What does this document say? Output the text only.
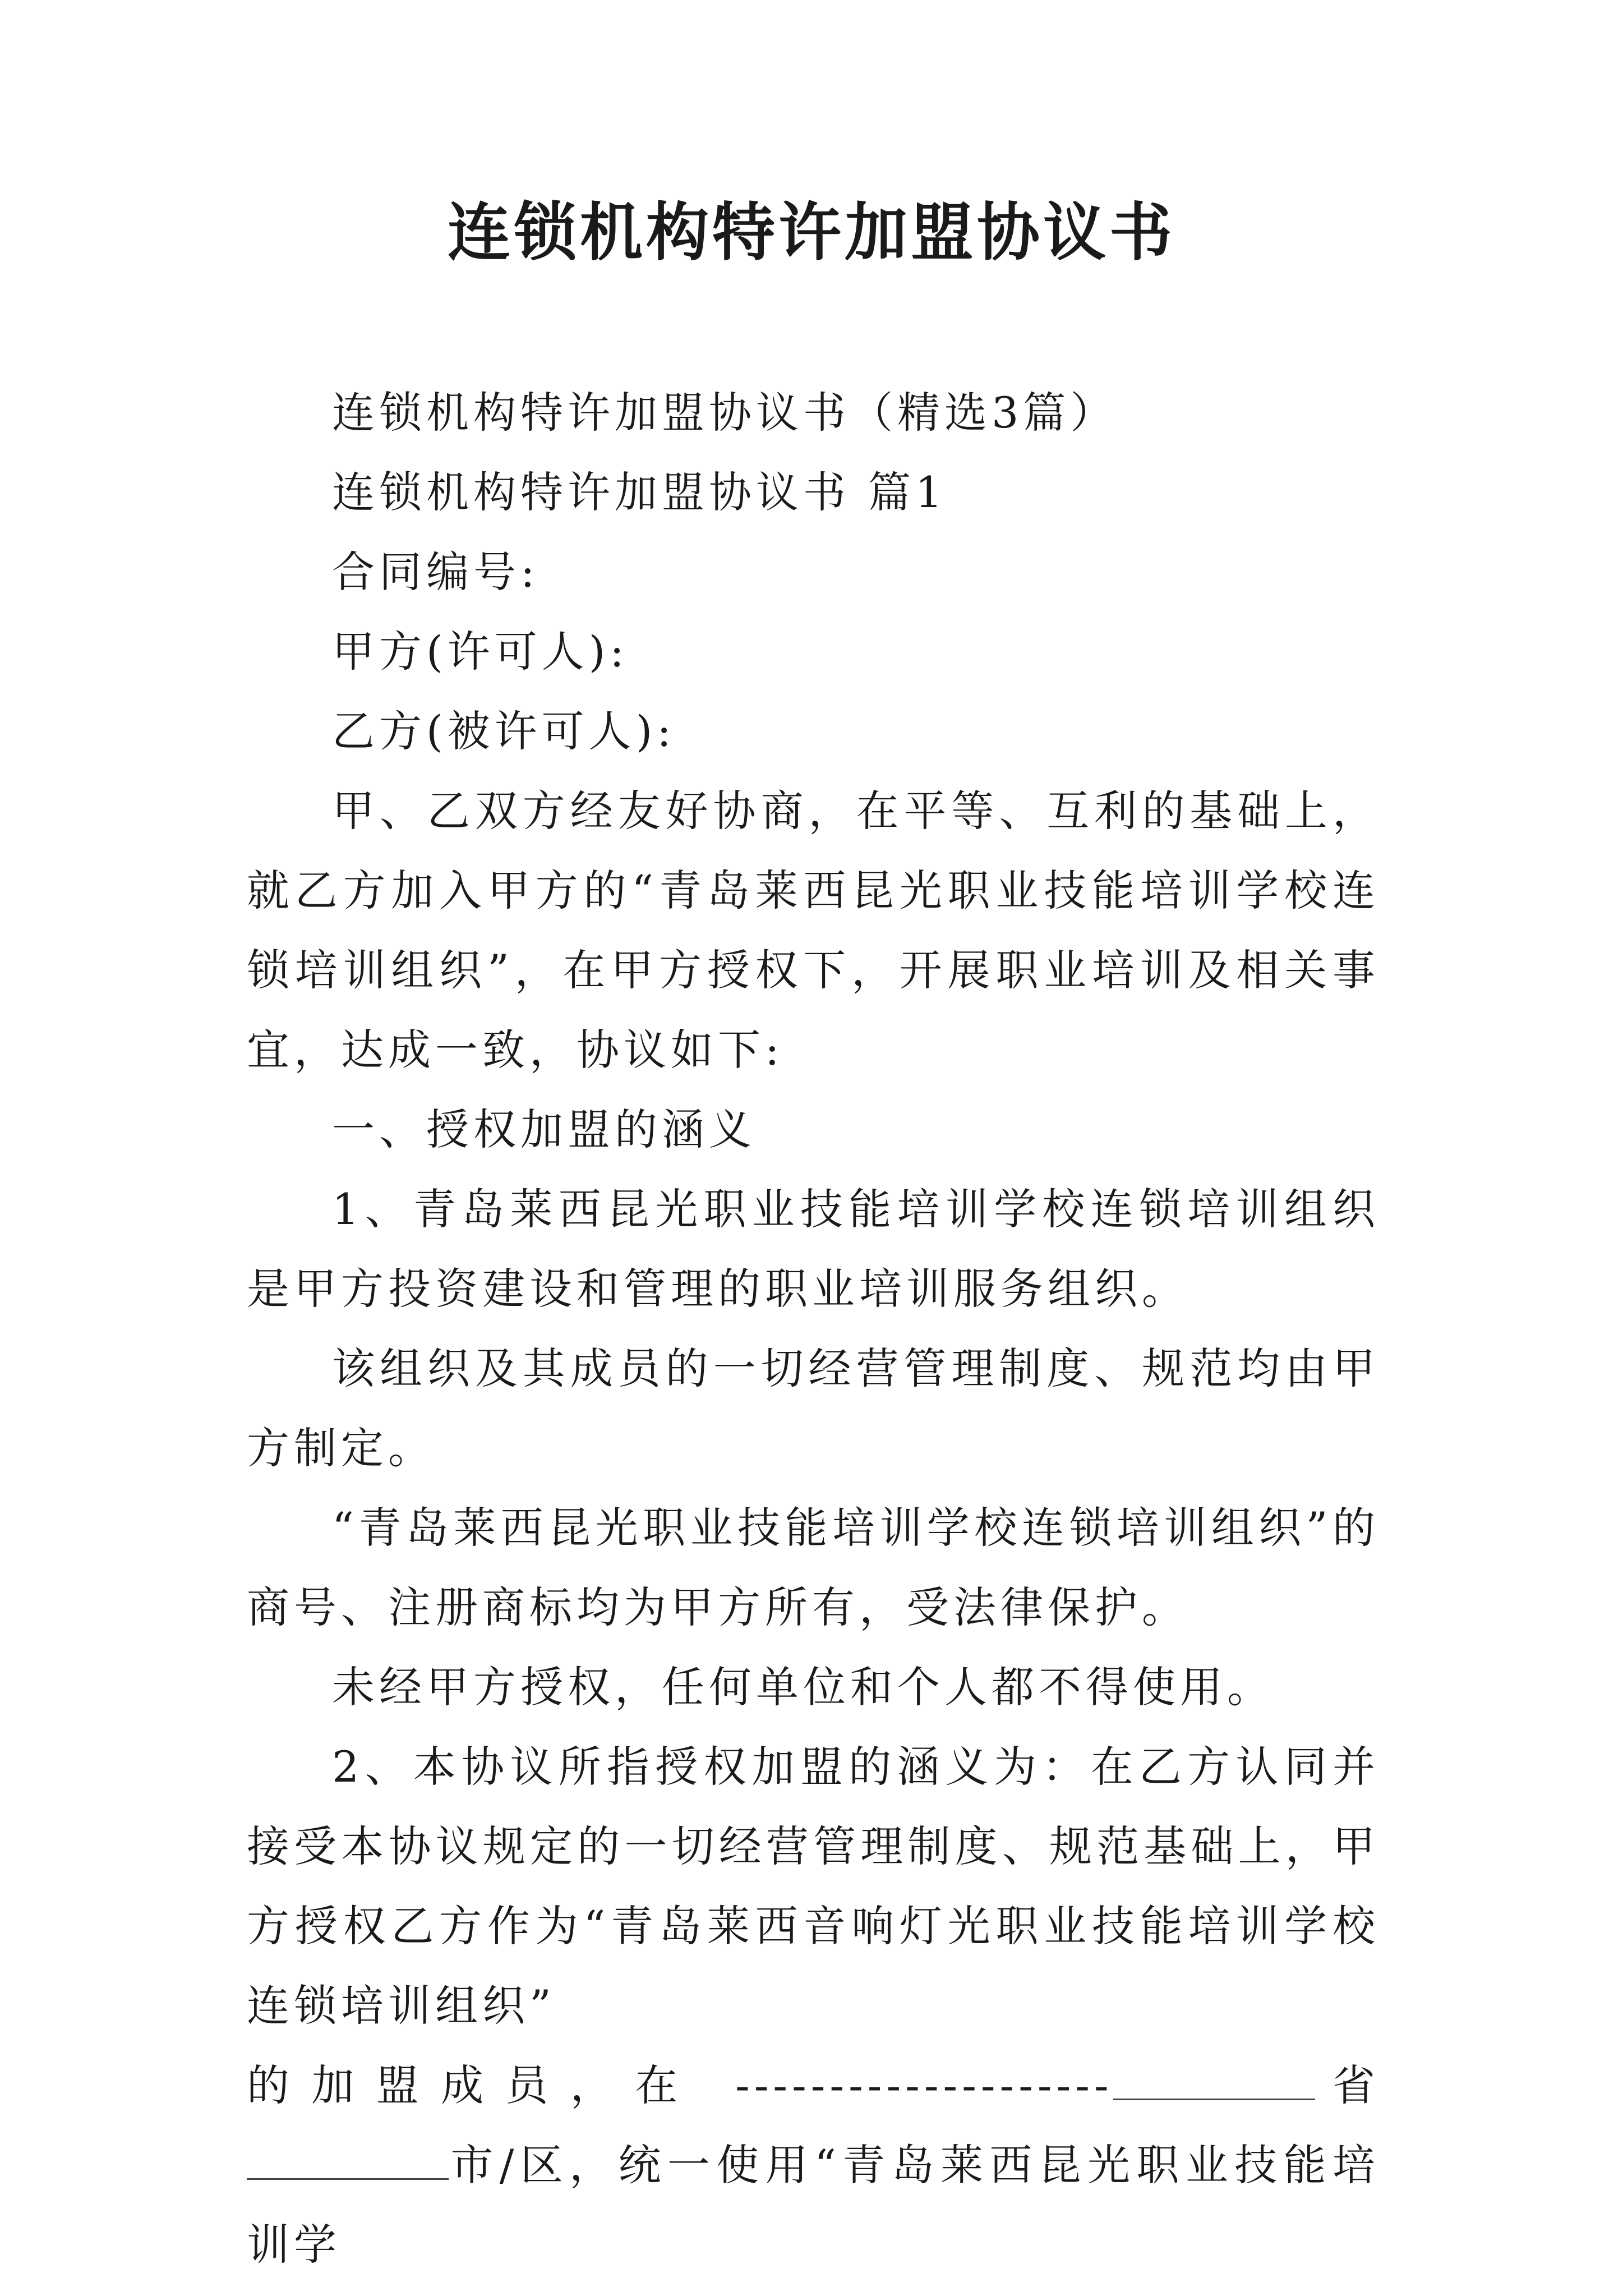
连锁机构特许加盟协议书

连锁机构特许加盟协议书（精选3篇）

连锁机构特许加盟协议书 篇1

合同编号:

甲方(许可人):

乙方(被许可人):

甲、乙双方经友好协商，在平等、互利的基础上，就乙方加入甲方的“青岛莱西昆光职业技能培训学校连锁培训组织”，在甲方授权下，开展职业培训及相关事宜，达成一致，协议如下:

一、授权加盟的涵义

1、青岛莱西昆光职业技能培训学校连锁培训组织是甲方投资建设和管理的职业培训服务组织。

该组织及其成员的一切经营管理制度、规范均由甲方制定。

“青岛莱西昆光职业技能培训学校连锁培训组织”的商号、注册商标均为甲方所有，受法律保护。

未经甲方授权，任何单位和个人都不得使用。

2、本协议所指授权加盟的涵义为：在乙方认同并接受本协议规定的一切经营管理制度、规范基础上，甲方授权乙方作为“青岛莱西音响灯光职业技能培训学校连锁培训组织”

的加盟成员，在 --------------------	省

市/区，统一使用“青岛莱西昆光职业技能培训学
